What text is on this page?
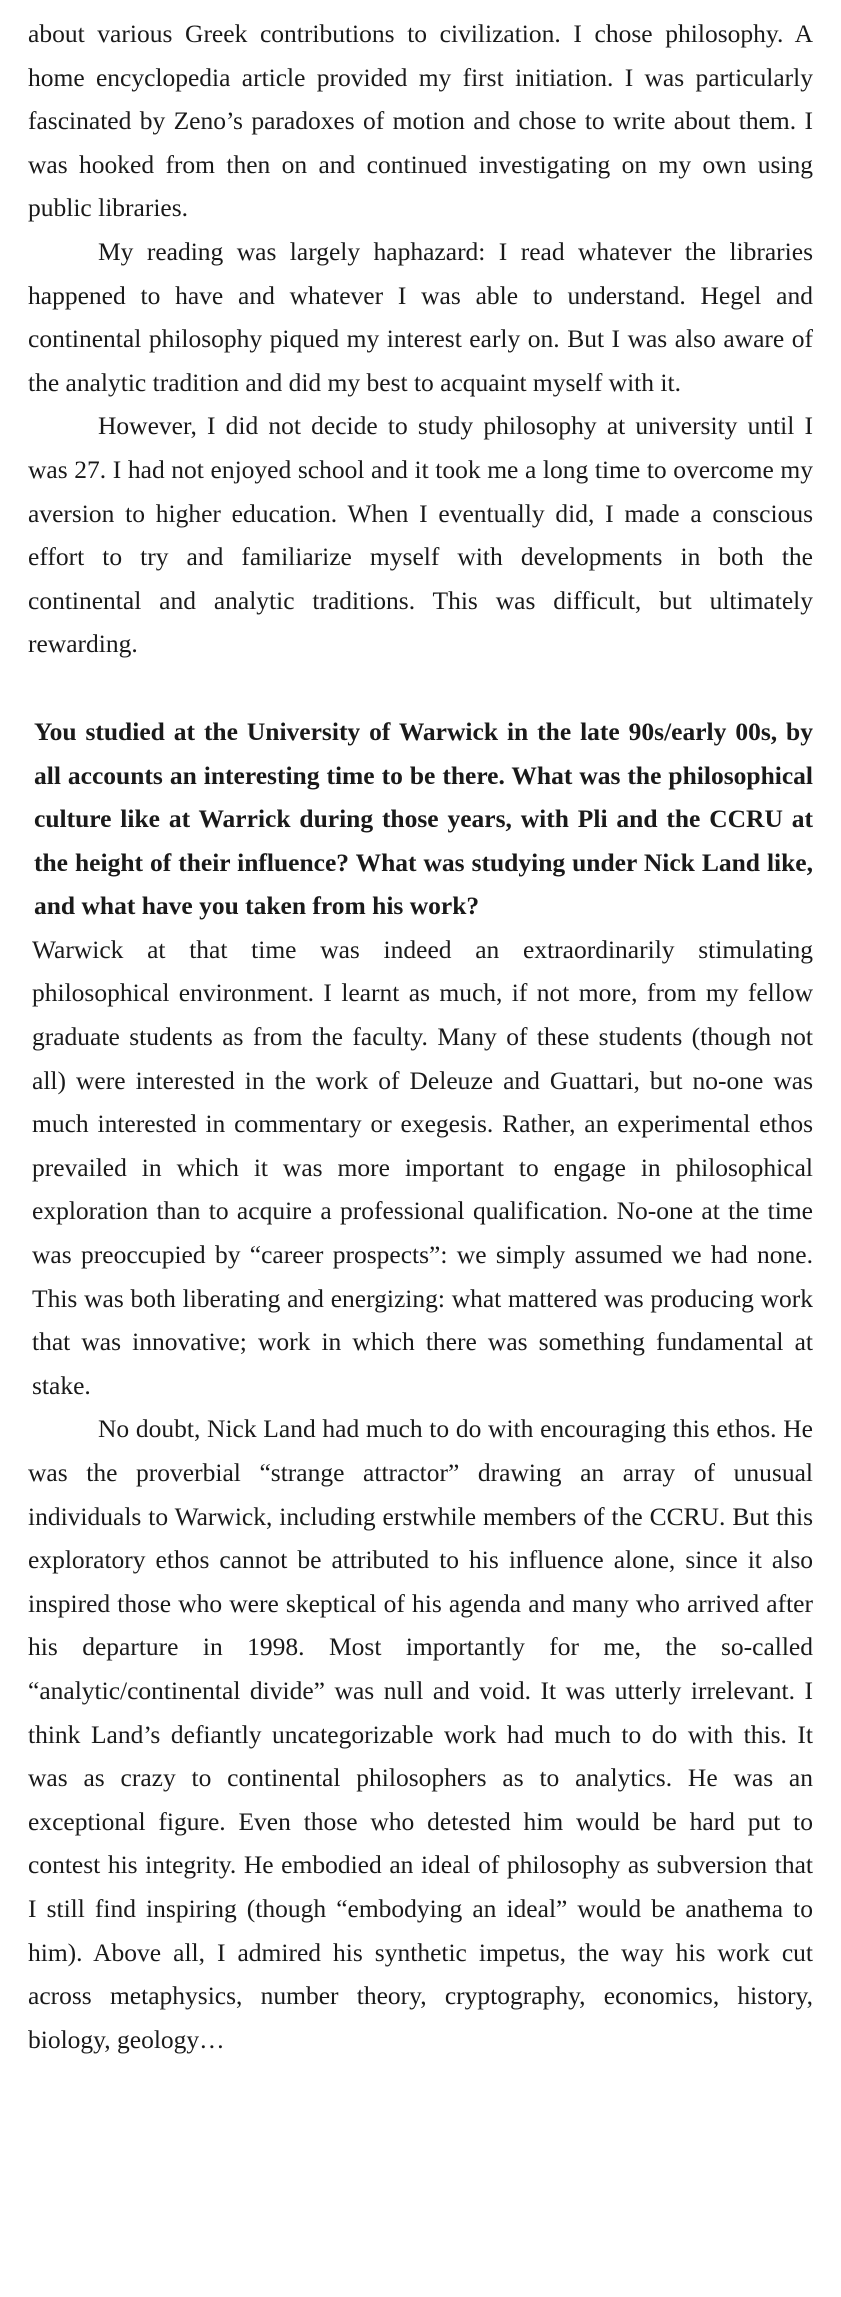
about various Greek contributions to civilization. I chose philosophy. A home encyclopedia article provided my first initiation. I was particularly fascinated by Zeno’s paradoxes of motion and chose to write about them. I was hooked from then on and continued investigating on my own using public libraries.

My reading was largely haphazard: I read whatever the libraries happened to have and whatever I was able to understand. Hegel and continental philosophy piqued my interest early on. But I was also aware of the analytic tradition and did my best to acquaint myself with it.

However, I did not decide to study philosophy at university until I was 27. I had not enjoyed school and it took me a long time to overcome my aversion to higher education. When I eventually did, I made a conscious effort to try and familiarize myself with developments in both the continental and analytic traditions. This was difficult, but ultimately rewarding.

You studied at the University of Warwick in the late 90s/early 00s, by all accounts an interesting time to be there. What was the philosophical culture like at Warrick during those years, with Pli and the CCRU at the height of their influence? What was studying under Nick Land like, and what have you taken from his work?

Warwick at that time was indeed an extraordinarily stimulating philosophical environment. I learnt as much, if not more, from my fellow graduate students as from the faculty. Many of these students (though not all) were interested in the work of Deleuze and Guattari, but no-one was much interested in commentary or exegesis. Rather, an experimental ethos prevailed in which it was more important to engage in philosophical exploration than to acquire a professional qualification. No-one at the time was preoccupied by “career prospects”: we simply assumed we had none. This was both liberating and energizing: what mattered was producing work that was innovative; work in which there was something fundamental at stake.

No doubt, Nick Land had much to do with encouraging this ethos. He was the proverbial “strange attractor” drawing an array of unusual individuals to Warwick, including erstwhile members of the CCRU. But this exploratory ethos cannot be attributed to his influence alone, since it also inspired those who were skeptical of his agenda and many who arrived after his departure in 1998. Most importantly for me, the so-called “analytic/continental divide” was null and void. It was utterly irrelevant. I think Land’s defiantly uncategorizable work had much to do with this. It was as crazy to continental philosophers as to analytics. He was an exceptional figure. Even those who detested him would be hard put to contest his integrity. He embodied an ideal of philosophy as subversion that I still find inspiring (though “embodying an ideal” would be anathema to him). Above all, I admired his synthetic impetus, the way his work cut across metaphysics, number theory, cryptography, economics, history, biology, geology…
